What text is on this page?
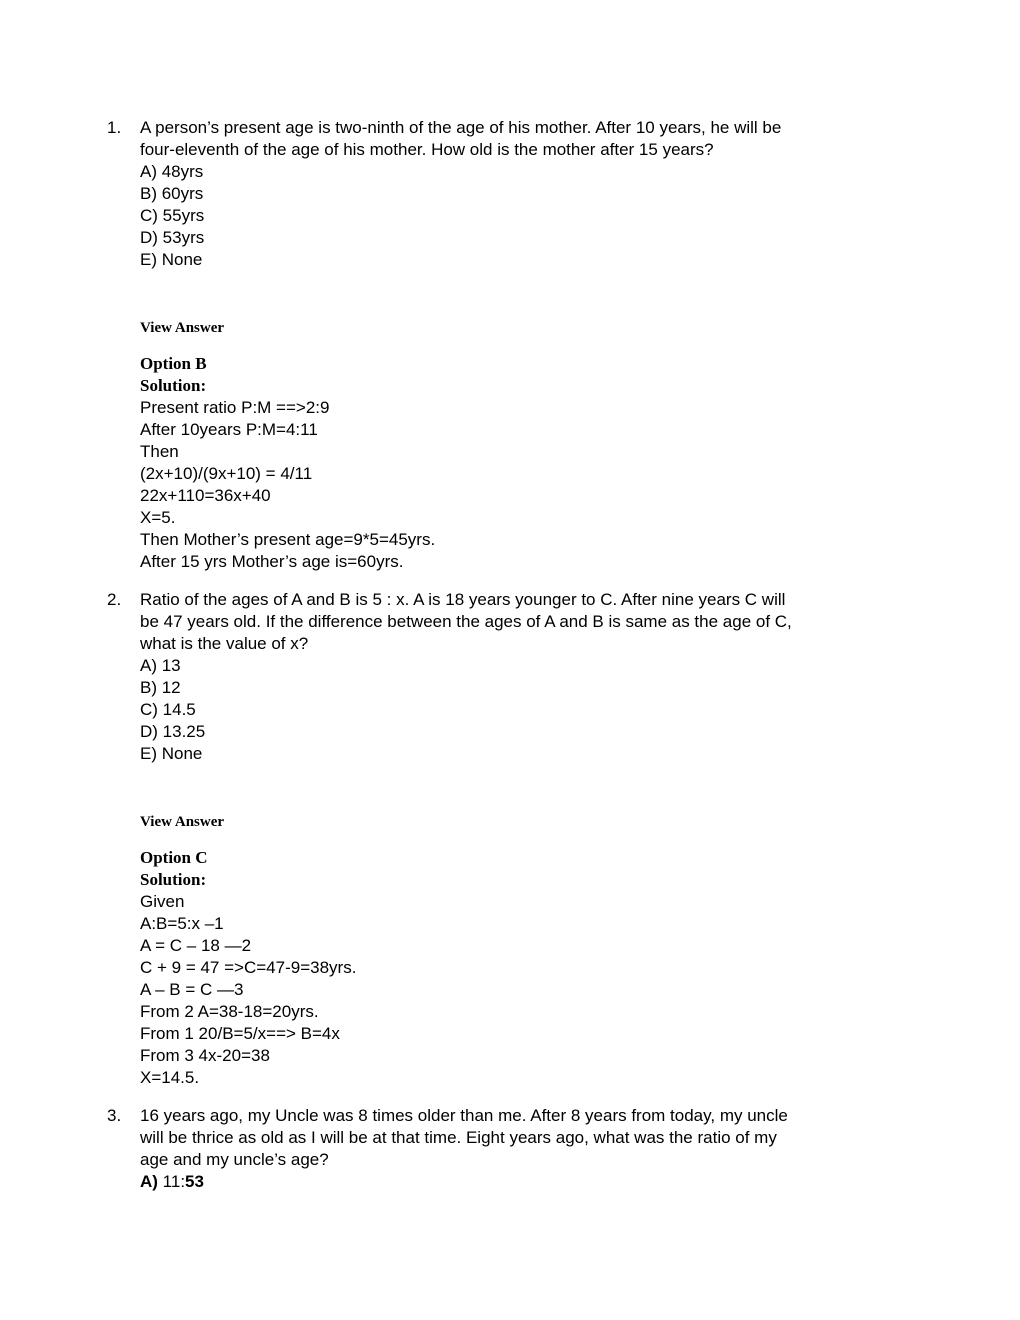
1.	A person’s present age is two-ninth of the age of his mother. After 10 years, he will be
four-eleventh of the age of his mother. How old is the mother after 15 years?
A) 48yrs
B) 60yrs
C) 55yrs
D) 53yrs
E) None
View Answer
Option B
Solution:
Present ratio P:M ==>2:9
After 10years P:M=4:11
Then
(2x+10)/(9x+10) = 4/11
22x+110=36x+40
X=5.
Then Mother’s present age=9*5=45yrs.
After 15 yrs Mother’s age is=60yrs.
2.	Ratio of the ages of A and B is 5 : x. A is 18 years younger to C. After nine years C will
be 47 years old. If the difference between the ages of A and B is same as the age of C,
what is the value of x?
A) 13
B) 12
C) 14.5
D) 13.25
E) None
View Answer
Option C
Solution:
Given
A:B=5:x –1
A = C – 18 —2
C + 9 = 47 =>C=47-9=38yrs.
A – B = C —3
From 2 A=38-18=20yrs.
From 1 20/B=5/x==> B=4x
From 3 4x-20=38
X=14.5.
3.	16 years ago, my Uncle was 8 times older than me. After 8 years from today, my uncle
will be thrice as old as I will be at that time. Eight years ago, what was the ratio of my
age and my uncle’s age?
A) 11:53
